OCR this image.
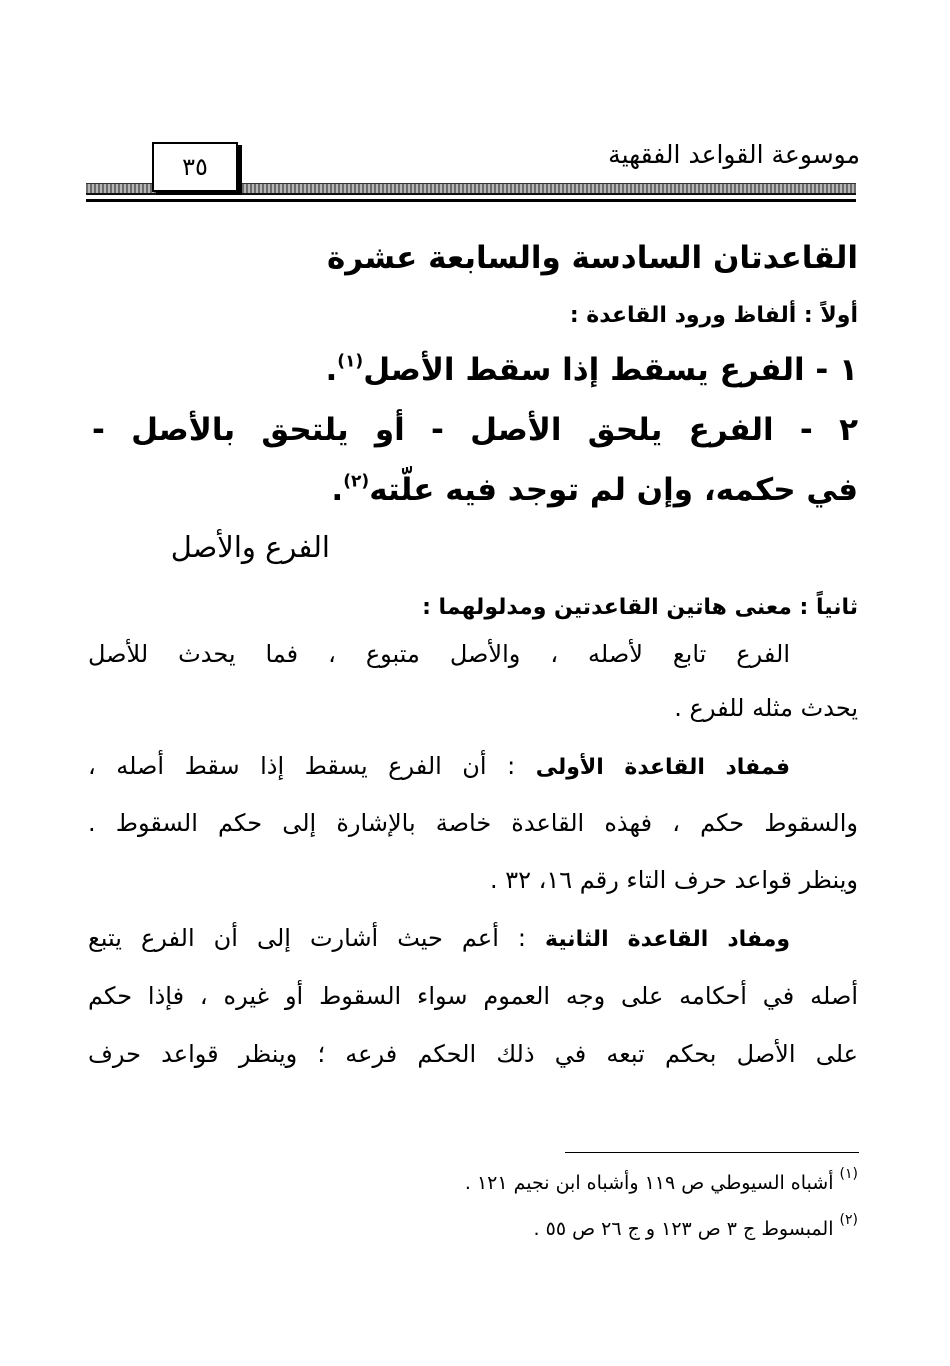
موسوعة القواعد الفقهية
٣٥
القاعدتان السادسة والسابعة عشرة
أولاً : ألفاظ ورود القاعدة :
١ - الفرع يسقط إذا سقط الأصل$^{(١)}$.
٢ - الفرع يلحق الأصل - أو يلتحق بالأصل -
في حكمه، وإن لم توجد فيه علّته$^{(٢)}$.
الفرع والأصل
ثانياً : معنى هاتين القاعدتين ومدلولهما :
الفرع تابع لأصله ، والأصل متبوع ، فما يحدث للأصل
يحدث مثله للفرع .
فمفاد القاعدة الأولى : أن الفرع يسقط إذا سقط أصله ،
والسقوط حكم ، فهذه القاعدة خاصة بالإشارة إلى حكم السقوط .
وينظر قواعد حرف التاء رقم ١٦، ٣٢ .
ومفاد القاعدة الثانية : أعم حيث أشارت إلى أن الفرع يتبع
أصله في أحكامه على وجه العموم سواء السقوط أو غيره ، فإذا حكم
على الأصل بحكم تبعه في ذلك الحكم فرعه ؛ وينظر قواعد حرف
$^{(١)}$ أشباه السيوطي ص ١١٩ وأشباه ابن نجيم ١٢١ .
$^{(٢)}$ المبسوط ج ٣ ص ١٢٣ و ج ٢٦ ص ٥٥ .
